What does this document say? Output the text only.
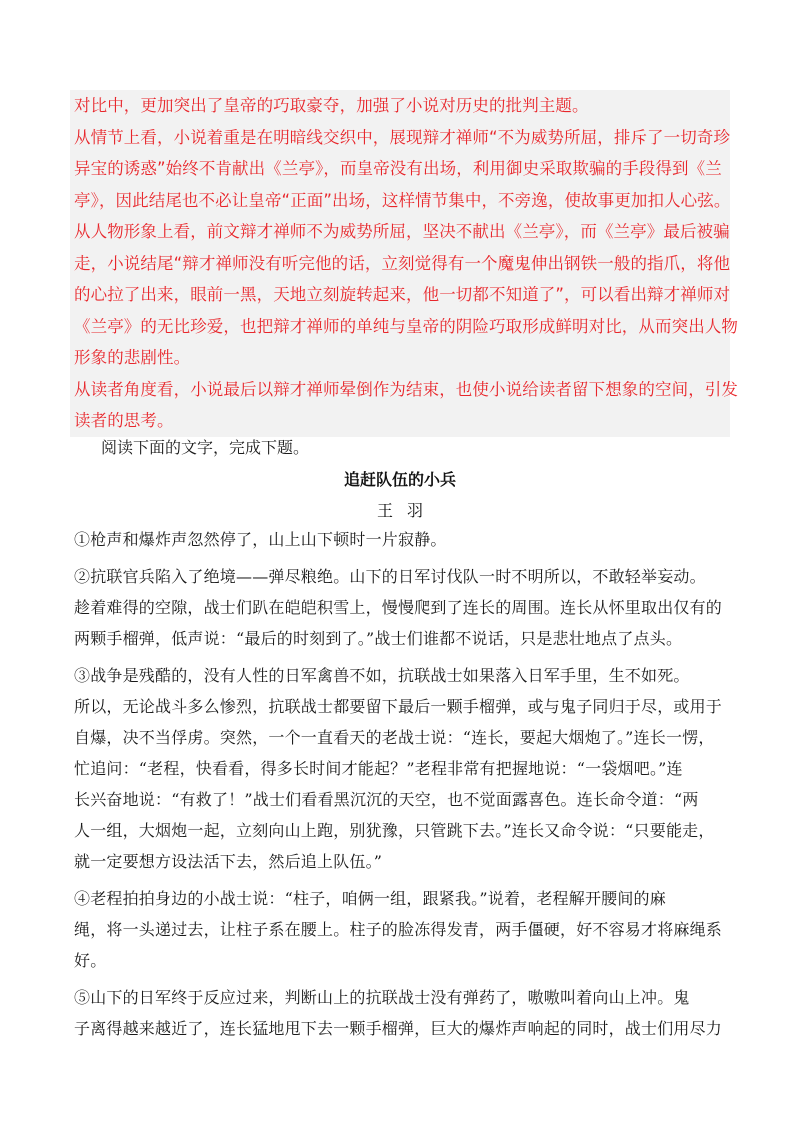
对比中，更加突出了皇帝的巧取豪夺，加强了小说对历史的批判主题。
从情节上看，小说着重是在明暗线交织中，展现辩才禅师“不为威势所屈，排斥了一切奇珍
异宝的诱惑”始终不肯献出《兰亭》，而皇帝没有出场，利用御史采取欺骗的手段得到《兰
亭》，因此结尾也不必让皇帝“正面”出场，这样情节集中，不旁逸，使故事更加扣人心弦。
从人物形象上看，前文辩才禅师不为威势所屈，坚决不献出《兰亭》，而《兰亭》最后被骗
走，小说结尾“辩才禅师没有听完他的话，立刻觉得有一个魔鬼伸出钢铁一般的指爪，将他
的心拉了出来，眼前一黑，天地立刻旋转起来，他一切都不知道了”，可以看出辩才禅师对
《兰亭》的无比珍爱，也把辩才禅师的单纯与皇帝的阴险巧取形成鲜明对比，从而突出人物
形象的悲剧性。
从读者角度看，小说最后以辩才禅师晕倒作为结束，也使小说给读者留下想象的空间，引发
读者的思考。
阅读下面的文字，完成下题。
追赶队伍的小兵
王羽
①枪声和爆炸声忽然停了，山上山下顿时一片寂静。
②抗联官兵陷入了绝境——弹尽粮绝。山下的日军讨伐队一时不明所以，不敢轻举妄动。
趁着难得的空隙，战士们趴在皑皑积雪上，慢慢爬到了连长的周围。连长从怀里取出仅有的
两颗手榴弹，低声说：“最后的时刻到了。”战士们谁都不说话，只是悲壮地点了点头。
③战争是残酷的，没有人性的日军禽兽不如，抗联战士如果落入日军手里，生不如死。
所以，无论战斗多么惨烈，抗联战士都要留下最后一颗手榴弹，或与鬼子同归于尽，或用于
自爆，决不当俘虏。突然，一个一直看天的老战士说：“连长，要起大烟炮了。”连长一愣，
忙追问：“老程，快看看，得多长时间才能起？”老程非常有把握地说：“一袋烟吧。”连
长兴奋地说：“有救了！”战士们看看黑沉沉的天空，也不觉面露喜色。连长命令道：“两
人一组，大烟炮一起，立刻向山上跑，别犹豫，只管跳下去。”连长又命令说：“只要能走，
就一定要想方设法活下去，然后追上队伍。”
④老程拍拍身边的小战士说：“柱子，咱俩一组，跟紧我。”说着，老程解开腰间的麻
绳，将一头递过去，让柱子系在腰上。柱子的脸冻得发青，两手僵硬，好不容易才将麻绳系
好。
⑤山下的日军终于反应过来，判断山上的抗联战士没有弹药了，嗷嗷叫着向山上冲。鬼
子离得越来越近了，连长猛地甩下去一颗手榴弹，巨大的爆炸声响起的同时，战士们用尽力
